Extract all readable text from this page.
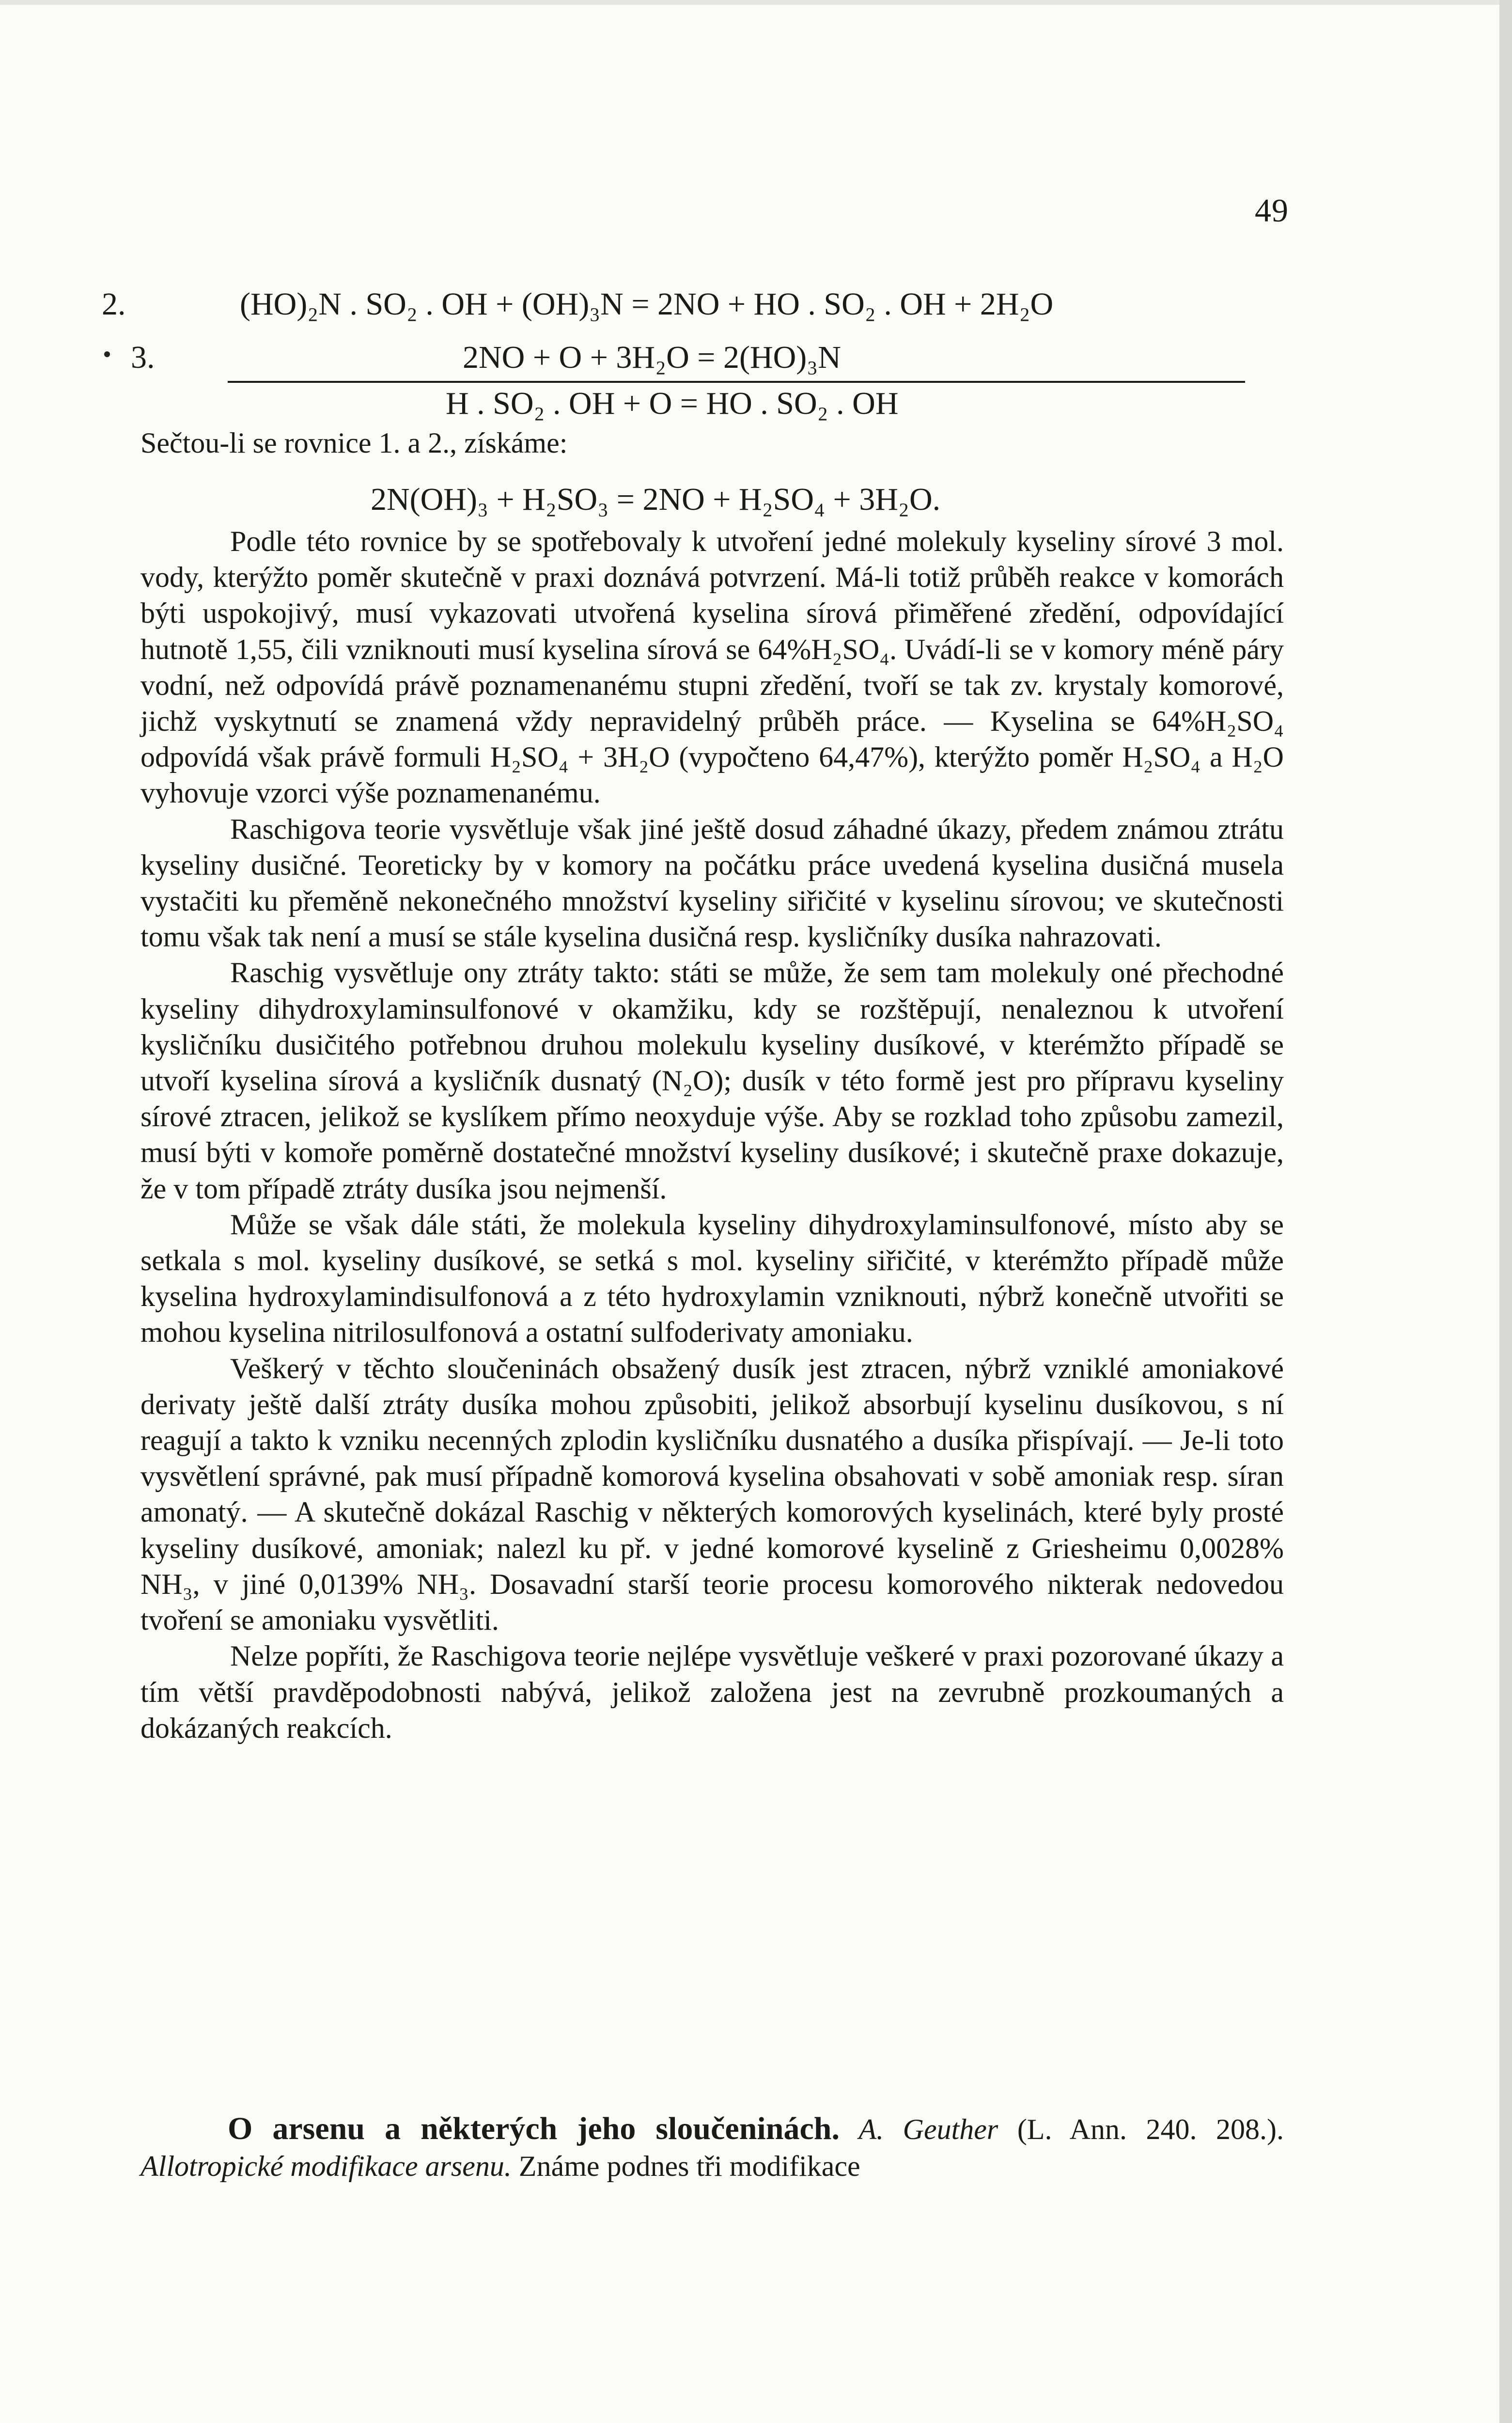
49
2.	(HO)₂N . SO₂ . OH + (OH)₃N = 2NO + HO . SO₂ . OH + 2H₂O
3.	2NO + O + 3H₂O = 2(HO)₃N
H . SO₂ . OH + O = HO . SO₂ . OH
Sečtou-li se rovnice 1. a 2., získáme:
2N(OH)₃ + H₂SO₃ = 2NO + H₂SO₄ + 3H₂O.

Podle této rovnice by se spotřebovaly k utvoření jedné molekuly kyseliny sírové 3 mol. vody, kterýžto poměr skutečně v praxi doznává potvrzení. Má-li totiž průběh reakce v komorách býti uspokojivý, musí vykazovati utvořená kyselina sírová přiměřené zředění, odpovídající hutnotě 1,55, čili vzniknouti musí kyselina sírová se 64%H₂SO₄. Uvádí-li se v komory méně páry vodní, než odpovídá právě poznamenanému stupni zředění, tvoří se tak zv. krystaly komorové, jichž vyskytnutí se znamená vždy nepravidelný průběh práce. — Kyselina se 64%H₂SO₄ odpovídá však právě formuli H₂SO₄ + 3H₂O (vypočteno 64,47%), kterýžto poměr H₂SO₄ a H₂O vyhovuje vzorci výše poznamenanému.

Raschigova teorie vysvětluje však jiné ještě dosud záhadné úkazy, předem známou ztrátu kyseliny dusičné. Teoreticky by v komory na počátku práce uvedená kyselina dusičná musela vystačiti ku přeměně nekonečného množství kyseliny siřičité v kyselinu sírovou; ve skutečnosti tomu však tak není a musí se stále kyselina dusičná resp. kysličníky dusíka nahrazovati.

Raschig vysvětluje ony ztráty takto: státi se může, že sem tam molekuly oné přechodné kyseliny dihydroxylaminsulfonové v okamžiku, kdy se rozštěpují, nenaleznou k utvoření kysličníku dusičitého potřebnou druhou molekulu kyseliny dusíkové, v kterémžto případě se utvoří kyselina sírová a kysličník dusnatý (N₂O); dusík v této formě jest pro přípravu kyseliny sírové ztracen, jelikož se kyslíkem přímo neoxyduje výše. Aby se rozklad toho způsobu zamezil, musí býti v komoře poměrně dostatečné množství kyseliny dusíkové; i skutečně praxe dokazuje, že v tom případě ztráty dusíka jsou nejmenší.

Může se však dále státi, že molekula kyseliny dihydroxylaminsulfonové, místo aby se setkala s mol. kyseliny dusíkové, se setká s mol. kyseliny siřičité, v kterémžto případě může kyselina hydroxylamindisulfonová a z této hydroxylamin vzniknouti, nýbrž konečně utvořiti se mohou kyselina nitrilosulfonová a ostatní sulfoderivaty amoniaku.

Veškerý v těchto sloučeninách obsažený dusík jest ztracen, nýbrž vzniklé amoniakové derivaty ještě další ztráty dusíka mohou způsobiti, jelikož absorbují kyselinu dusíkovou, s ní reagují a takto k vzniku necenných zplodin kysličníku dusnatého a dusíka přispívají. — Je-li toto vysvětlení správné, pak musí případně komorová kyselina obsahovati v sobě amoniak resp. síran amonatý. — A skutečně dokázal Raschig v některých komorových kyselinách, které byly prosté kyseliny dusíkové, amoniak; nalezl ku př. v jedné komorové kyselině z Griesheimu 0,0028% NH₃, v jiné 0,0139% NH₃. Dosavadní starší teorie procesu komorového nikterak nedovedou tvoření se amoniaku vysvětliti.

Nelze popříti, že Raschigova teorie nejlépe vysvětluje veškeré v praxi pozorované úkazy a tím větší pravděpodobnosti nabývá, jelikož založena jest na zevrubně prozkoumaných a dokázaných reakcích.

O arsenu a některých jeho sloučeninách. A. Geuther (L. Ann. 240. 208.). Allotropické modifikace arsenu. Známe podnes tři modifikace
